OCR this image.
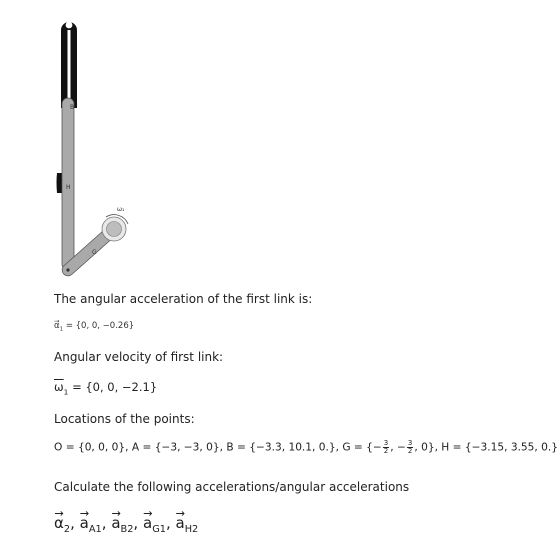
B
H
G
ω₁
The angular acceleration of the first link is:
→ $\alpha_1 = \{0$, 0, −0.26}
Angular velocity of first link:
$\overline{\omega}_1 = \{0$, 0, −2.1}
Locations of the points:
O = {0, 0, 0}, A = {−3, −3, 0}, B = {−3.3, 10.1, 0.}, G = {− $\frac{3}{2}$ , − $\frac{3}{2}$ , 0}, H = {−3.15, 3.55, 0.}
Calculate the following accelerations/angular accelerations
→ $\alpha_2$, → $a_{A1}$, → $a_{B2}$, → $a_{G1}$, → $a_{H2}$
